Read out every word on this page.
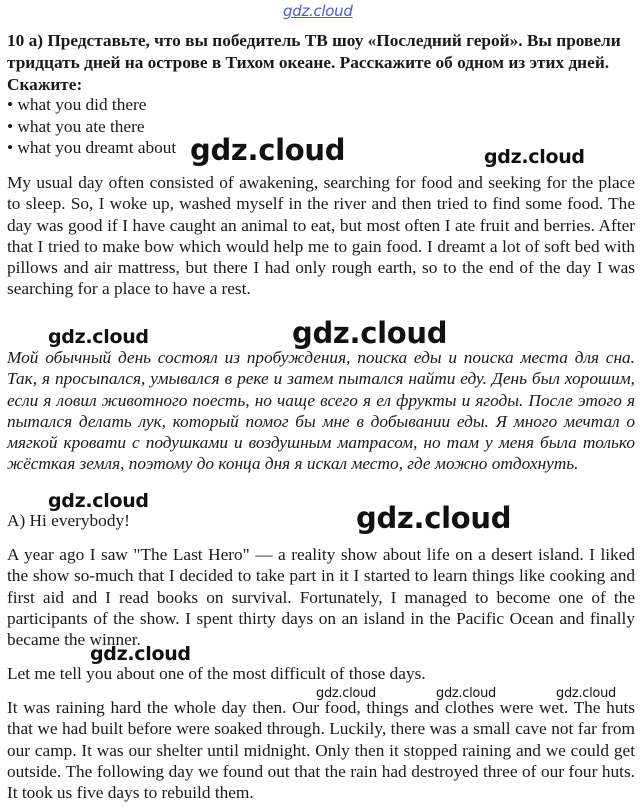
gdz.cloud

10 а) Представьте, что вы победитель ТВ шоу «Последний герой». Вы провели тридцать дней на острове в Тихом океане. Расскажите об одном из этих дней. Скажите:

• what you did there
• what you ate there
• what you dreamt about

My usual day often consisted of awakening, searching for food and seeking for the place to sleep. So, I woke up, washed myself in the river and then tried to find some food. The day was good if I have caught an animal to eat, but most often I ate fruit and berries. After that I tried to make bow which would help me to gain food. I dreamt a lot of soft bed with pillows and air mattress, but there I had only rough earth, so to the end of the day I was searching for a place to have a rest.

Мой обычный день состоял из пробуждения, поиска еды и поиска места для сна. Так, я просыпался, умывался в реке и затем пытался найти еду. День был хорошим, если я ловил животного поесть, но чаще всего я ел фрукты и ягоды. После этого я пытался делать лук, который помог бы мне в добывании еды. Я много мечтал о мягкой кровати с подушками и воздушным матрасом, но там у меня была только жёсткая земля, поэтому до конца дня я искал место, где можно отдохнуть.

A) Hi everybody!

A year ago I saw "The Last Hero" — a reality show about life on a desert island. I liked the show so-much that I decided to take part in it I started to learn things like cooking and first aid and I read books on survival. Fortunately, I managed to become one of the participants of the show. I spent thirty days on an island in the Pacific Ocean and finally became the winner.

Let me tell you about one of the most difficult of those days.

It was raining hard the whole day then. Our food, things and clothes were wet. The huts that we had built before were soaked through. Luckily, there was a small cave not far from our camp. It was our shelter until midnight. Only then it stopped raining and we could get outside. The following day we found out that the rain had destroyed three of our four huts. It took us five days to rebuild them.

gdz.cloud	gdz.cloud
gdz.cloud	gdz.cloud
gdz.cloud	gdz.cloud
gdz.cloud
gdz.cloud	gdz.cloud	gdz.cloud
